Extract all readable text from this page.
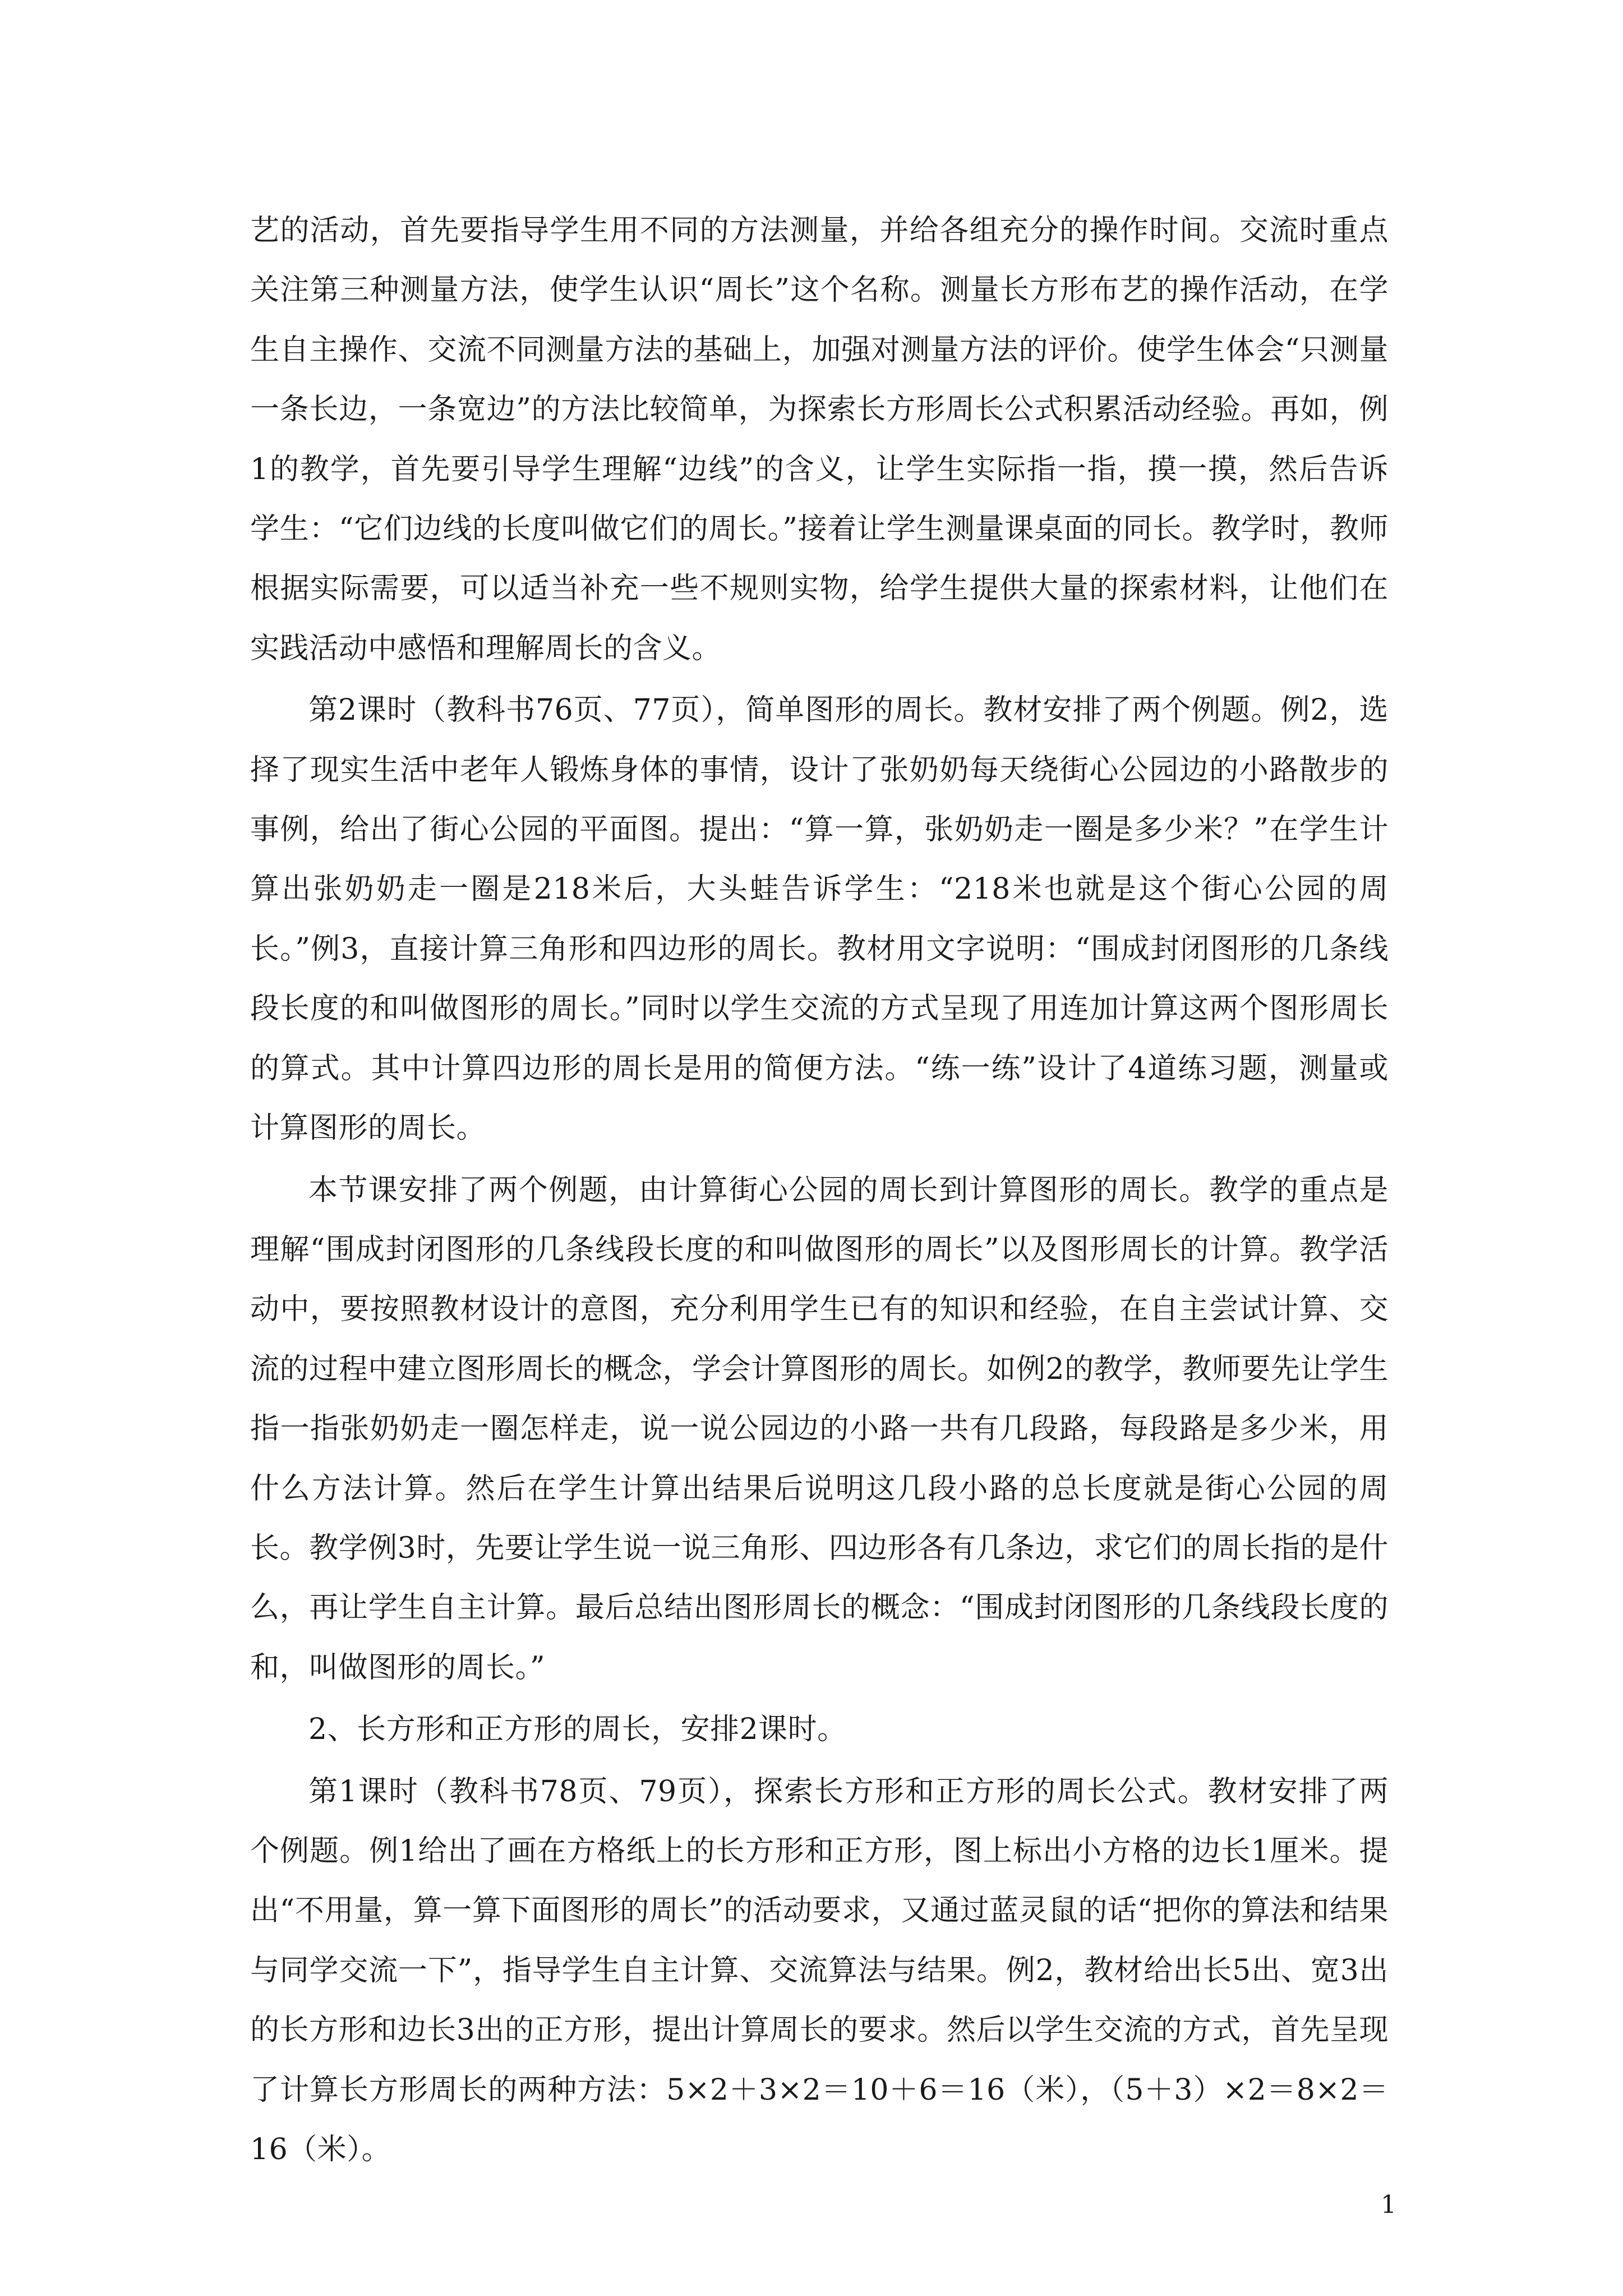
艺的活动，首先要指导学生用不同的方法测量，并给各组充分的操作时间。交流时重点关注第三种测量方法，使学生认识“周长”这个名称。测量长方形布艺的操作活动，在学生自主操作、交流不同测量方法的基础上，加强对测量方法的评价。使学生体会“只测量一条长边，一条宽边”的方法比较简单，为探索长方形周长公式积累活动经验。再如，例1的教学，首先要引导学生理解“边线”的含义，让学生实际指一指，摸一摸，然后告诉学生：“它们边线的长度叫做它们的周长。”接着让学生测量课桌面的同长。教学时，教师根据实际需要，可以适当补充一些不规则实物，给学生提供大量的探索材料，让他们在实践活动中感悟和理解周长的含义。

第2课时（教科书76页、77页），简单图形的周长。教材安排了两个例题。例2，选择了现实生活中老年人锻炼身体的事情，设计了张奶奶每天绕街心公园边的小路散步的事例，给出了街心公园的平面图。提出：“算一算，张奶奶走一圈是多少米？”在学生计算出张奶奶走一圈是218米后，大头蛙告诉学生：“218米也就是这个街心公园的周长。”例3，直接计算三角形和四边形的周长。教材用文字说明：“围成封闭图形的几条线段长度的和叫做图形的周长。”同时以学生交流的方式呈现了用连加计算这两个图形周长的算式。其中计算四边形的周长是用的简便方法。“练一练”设计了4道练习题，测量或计算图形的周长。

本节课安排了两个例题，由计算街心公园的周长到计算图形的周长。教学的重点是理解“围成封闭图形的几条线段长度的和叫做图形的周长”以及图形周长的计算。教学活动中，要按照教材设计的意图，充分利用学生已有的知识和经验，在自主尝试计算、交流的过程中建立图形周长的概念，学会计算图形的周长。如例2的教学，教师要先让学生指一指张奶奶走一圈怎样走，说一说公园边的小路一共有几段路，每段路是多少米，用什么方法计算。然后在学生计算出结果后说明这几段小路的总长度就是街心公园的周长。教学例3时，先要让学生说一说三角形、四边形各有几条边，求它们的周长指的是什么，再让学生自主计算。最后总结出图形周长的概念：“围成封闭图形的几条线段长度的和，叫做图形的周长。”

2、长方形和正方形的周长，安排2课时。

第1课时（教科书78页、79页），探索长方形和正方形的周长公式。教材安排了两个例题。例1给出了画在方格纸上的长方形和正方形，图上标出小方格的边长1厘米。提出“不用量，算一算下面图形的周长”的活动要求，又通过蓝灵鼠的话“把你的算法和结果与同学交流一下”，指导学生自主计算、交流算法与结果。例2，教材给出长5出、宽3出的长方形和边长3出的正方形，提出计算周长的要求。然后以学生交流的方式，首先呈现了计算长方形周长的两种方法：5×2＋3×2＝10＋6＝16（米），（5＋3）×2＝8×2＝16（米）。

1
